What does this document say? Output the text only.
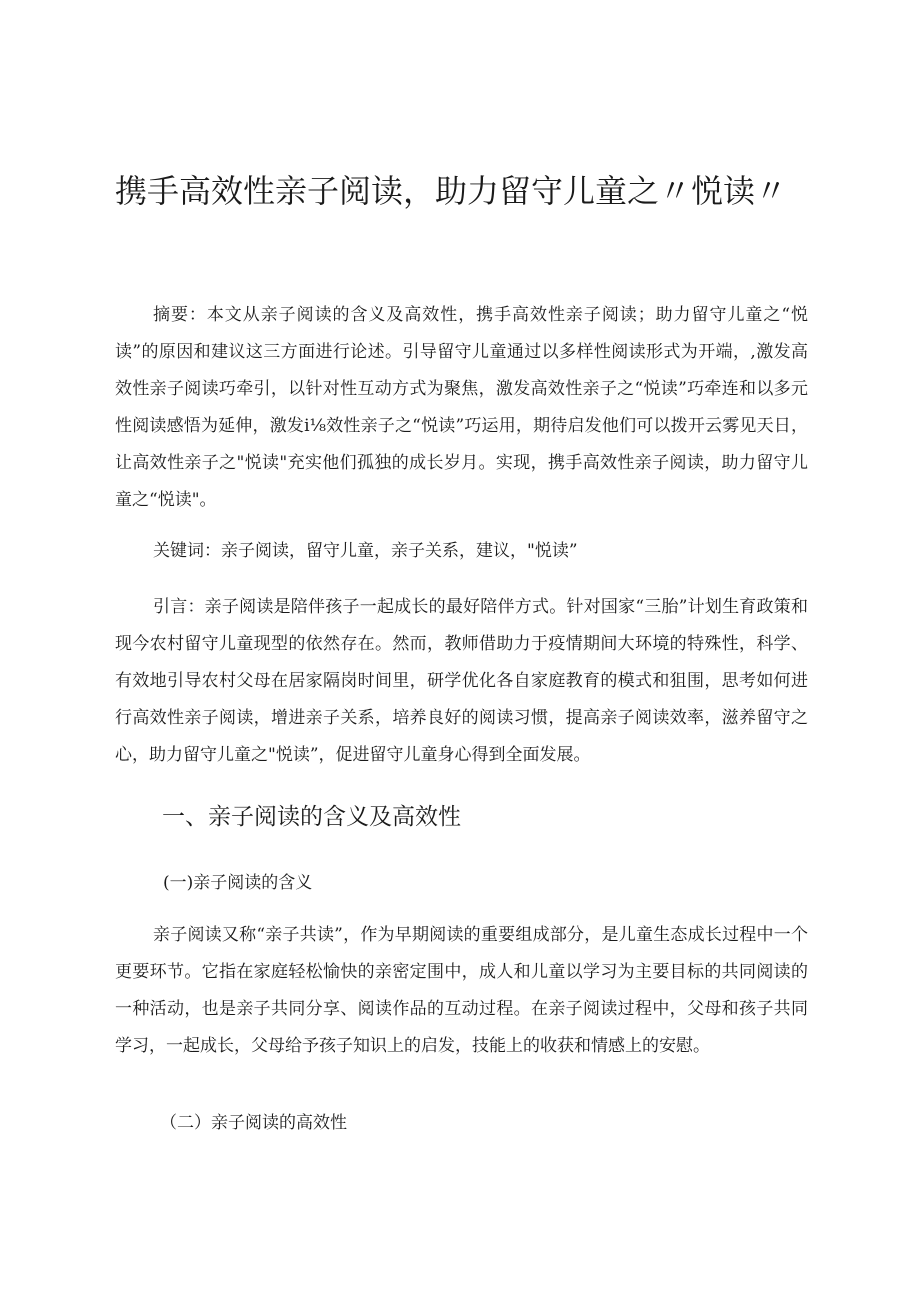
携手高效性亲子阅读，助力留守儿童之〃悦读〃

摘要：本文从亲子阅读的含义及高效性，携手高效性亲子阅读；助力留守儿童之“悦读”的原因和建议这三方面进行论述。引导留守儿童通过以多样性阅读形式为开端，,激发高效性亲子阅读巧牵引，以针对性互动方式为聚焦，激发高效性亲子之“悦读”巧牵连和以多元性阅读感悟为延伸，激发i⅛效性亲子之“悦读”巧运用，期待启发他们可以拨开云雾见天日，让高效性亲子之"悦读"充实他们孤独的成长岁月。实现，携手高效性亲子阅读，助力留守儿童之“悦读"。

关键词：亲子阅读，留守儿童，亲子关系，建议，"悦读”

引言：亲子阅读是陪伴孩子一起成长的最好陪伴方式。针对国家“三胎”计划生育政策和现今农村留守儿童现型的依然存在。然而，教师借助力于疫情期间大环境的特殊性，科学、有效地引导农村父母在居家隔岗时间里，研学优化各自家庭教育的模式和狙围，思考如何进行高效性亲子阅读，增进亲子关系，培养良好的阅读习惯，提高亲子阅读效率，滋养留守之心，助力留守儿童之"悦读”，促进留守儿童身心得到全面发展。

一、亲子阅读的含义及高效性
(一)亲子阅读的含义

亲子阅读又称“亲子共读”，作为早期阅读的重要组成部分，是儿童生态成长过程中一个更要环节。它指在家庭轻松愉快的亲密定围中，成人和儿童以学习为主要目标的共同阅读的一种活动，也是亲子共同分享、阅读作品的互动过程。在亲子阅读过程中，父母和孩子共同学习，一起成长，父母给予孩子知识上的启发，技能上的收获和情感上的安慰。

（二）亲子阅读的高效性
